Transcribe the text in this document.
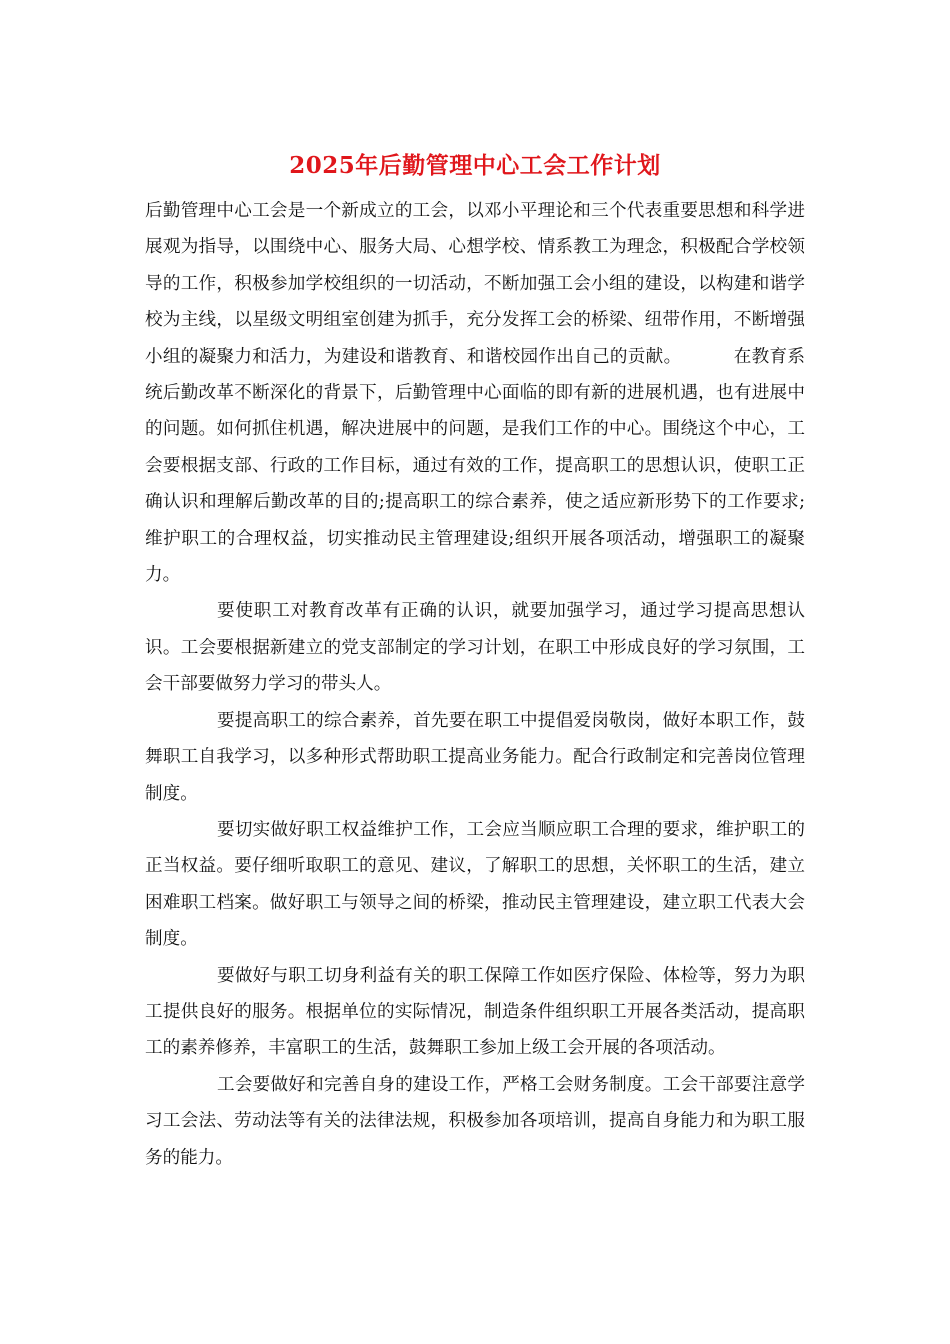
2025年后勤管理中心工会工作计划

后勤管理中心工会是一个新成立的工会，以邓小平理论和三个代表重要思想和科学进展观为指导，以围绕中心、服务大局、心想学校、情系教工为理念，积极配合学校领导的工作，积极参加学校组织的一切活动，不断加强工会小组的建设，以构建和谐学校为主线，以星级文明组室创建为抓手，充分发挥工会的桥梁、纽带作用，不断增强小组的凝聚力和活力，为建设和谐教育、和谐校园作出自己的贡献。	在教育系统后勤改革不断深化的背景下，后勤管理中心面临的即有新的进展机遇，也有进展中的问题。如何抓住机遇，解决进展中的问题，是我们工作的中心。围绕这个中心，工会要根据支部、行政的工作目标，通过有效的工作，提高职工的思想认识，使职工正确认识和理解后勤改革的目的;提高职工的综合素养，使之适应新形势下的工作要求;维护职工的合理权益，切实推动民主管理建设;组织开展各项活动，增强职工的凝聚力。

要使职工对教育改革有正确的认识，就要加强学习，通过学习提高思想认识。工会要根据新建立的党支部制定的学习计划，在职工中形成良好的学习氛围，工会干部要做努力学习的带头人。

要提高职工的综合素养，首先要在职工中提倡爱岗敬岗，做好本职工作，鼓舞职工自我学习，以多种形式帮助职工提高业务能力。配合行政制定和完善岗位管理制度。

要切实做好职工权益维护工作，工会应当顺应职工合理的要求，维护职工的正当权益。要仔细听取职工的意见、建议，了解职工的思想，关怀职工的生活，建立困难职工档案。做好职工与领导之间的桥梁，推动民主管理建设，建立职工代表大会制度。

要做好与职工切身利益有关的职工保障工作如医疗保险、体检等，努力为职工提供良好的服务。根据单位的实际情况，制造条件组织职工开展各类活动，提高职工的素养修养，丰富职工的生活，鼓舞职工参加上级工会开展的各项活动。

工会要做好和完善自身的建设工作，严格工会财务制度。工会干部要注意学习工会法、劳动法等有关的法律法规，积极参加各项培训，提高自身能力和为职工服务的能力。
